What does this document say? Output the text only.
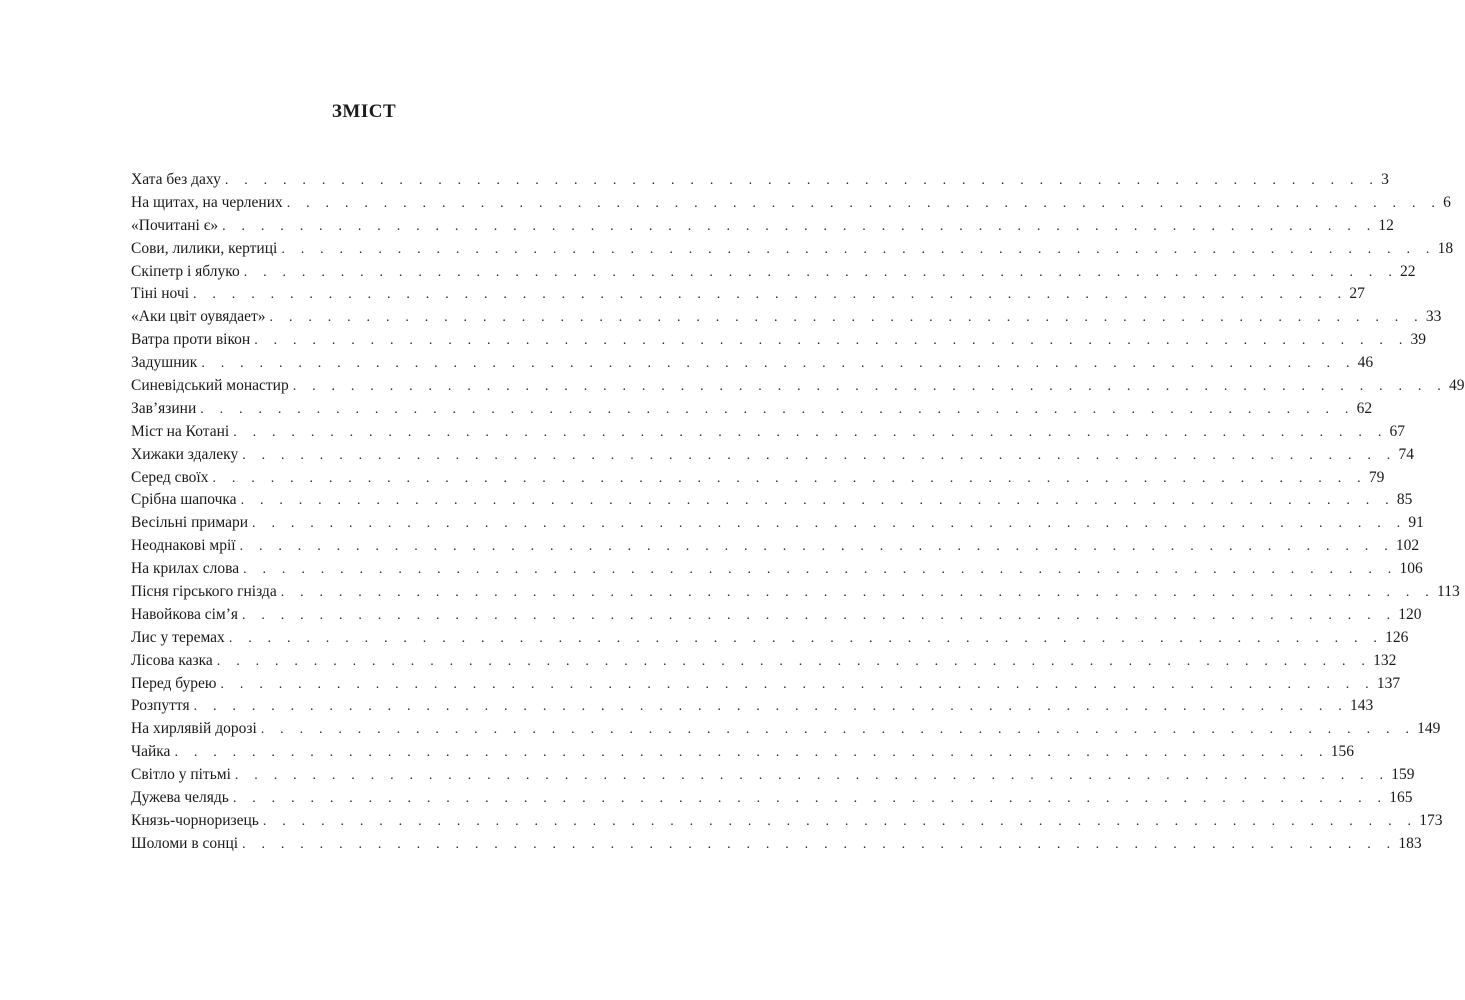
ЗМІСТ
Хата без даху . . . . . . . . . . . . . . . . . . . . . . . . . . . . . . . . . . . . . . . . . . . . . . . . . . . . . . . . . . . . 3
На щитах, на черлених . . . . . . . . . . . . . . . . . . . . . . . . . . . . . . . . . . . . . . . . . . . . . . . . . . . . . . . . . . . . 6
«Почитані є» . . . . . . . . . . . . . . . . . . . . . . . . . . . . . . . . . . . . . . . . . . . . . . . . . . . . . . . . . . . . 12
Сови, лилики, кертиці . . . . . . . . . . . . . . . . . . . . . . . . . . . . . . . . . . . . . . . . . . . . . . . . . . . . . . . . . . . . 18
Скіпетр і яблуко . . . . . . . . . . . . . . . . . . . . . . . . . . . . . . . . . . . . . . . . . . . . . . . . . . . . . . . . . . . . 22
Тіні ночі . . . . . . . . . . . . . . . . . . . . . . . . . . . . . . . . . . . . . . . . . . . . . . . . . . . . . . . . . . . . 27
«Аки цвіт оувядает» . . . . . . . . . . . . . . . . . . . . . . . . . . . . . . . . . . . . . . . . . . . . . . . . . . . . . . . . . . . . 33
Ватра проти вікон . . . . . . . . . . . . . . . . . . . . . . . . . . . . . . . . . . . . . . . . . . . . . . . . . . . . . . . . . . . . 39
Задушник . . . . . . . . . . . . . . . . . . . . . . . . . . . . . . . . . . . . . . . . . . . . . . . . . . . . . . . . . . . . 46
Синевідський монастир . . . . . . . . . . . . . . . . . . . . . . . . . . . . . . . . . . . . . . . . . . . . . . . . . . . . . . . . . . . . 49
Зав’язини . . . . . . . . . . . . . . . . . . . . . . . . . . . . . . . . . . . . . . . . . . . . . . . . . . . . . . . . . . . . 62
Міст на Котані . . . . . . . . . . . . . . . . . . . . . . . . . . . . . . . . . . . . . . . . . . . . . . . . . . . . . . . . . . . . 67
Хижаки здалеку . . . . . . . . . . . . . . . . . . . . . . . . . . . . . . . . . . . . . . . . . . . . . . . . . . . . . . . . . . . . 74
Серед своїх . . . . . . . . . . . . . . . . . . . . . . . . . . . . . . . . . . . . . . . . . . . . . . . . . . . . . . . . . . . . 79
Срібна шапочка . . . . . . . . . . . . . . . . . . . . . . . . . . . . . . . . . . . . . . . . . . . . . . . . . . . . . . . . . . . . 85
Весільні примари . . . . . . . . . . . . . . . . . . . . . . . . . . . . . . . . . . . . . . . . . . . . . . . . . . . . . . . . . . . . 91
Неоднакові мрії . . . . . . . . . . . . . . . . . . . . . . . . . . . . . . . . . . . . . . . . . . . . . . . . . . . . . . . . . . . . 102
На крилах слова . . . . . . . . . . . . . . . . . . . . . . . . . . . . . . . . . . . . . . . . . . . . . . . . . . . . . . . . . . . . 106
Пісня гірського гнізда . . . . . . . . . . . . . . . . . . . . . . . . . . . . . . . . . . . . . . . . . . . . . . . . . . . . . . . . . . . . 113
Навойкова сім’я . . . . . . . . . . . . . . . . . . . . . . . . . . . . . . . . . . . . . . . . . . . . . . . . . . . . . . . . . . . . 120
Лис у теремах . . . . . . . . . . . . . . . . . . . . . . . . . . . . . . . . . . . . . . . . . . . . . . . . . . . . . . . . . . . . 126
Лісова казка . . . . . . . . . . . . . . . . . . . . . . . . . . . . . . . . . . . . . . . . . . . . . . . . . . . . . . . . . . . . 132
Перед бурею . . . . . . . . . . . . . . . . . . . . . . . . . . . . . . . . . . . . . . . . . . . . . . . . . . . . . . . . . . . . 137
Розпуття . . . . . . . . . . . . . . . . . . . . . . . . . . . . . . . . . . . . . . . . . . . . . . . . . . . . . . . . . . . . 143
На хирлявій дорозі . . . . . . . . . . . . . . . . . . . . . . . . . . . . . . . . . . . . . . . . . . . . . . . . . . . . . . . . . . . . 149
Чайка . . . . . . . . . . . . . . . . . . . . . . . . . . . . . . . . . . . . . . . . . . . . . . . . . . . . . . . . . . . . 156
Світло у пітьмі . . . . . . . . . . . . . . . . . . . . . . . . . . . . . . . . . . . . . . . . . . . . . . . . . . . . . . . . . . . . 159
Дужева челядь . . . . . . . . . . . . . . . . . . . . . . . . . . . . . . . . . . . . . . . . . . . . . . . . . . . . . . . . . . . . 165
Князь-чорноризець . . . . . . . . . . . . . . . . . . . . . . . . . . . . . . . . . . . . . . . . . . . . . . . . . . . . . . . . . . . . 173
Шоломи в сонці . . . . . . . . . . . . . . . . . . . . . . . . . . . . . . . . . . . . . . . . . . . . . . . . . . . . . . . . . . . . 183
